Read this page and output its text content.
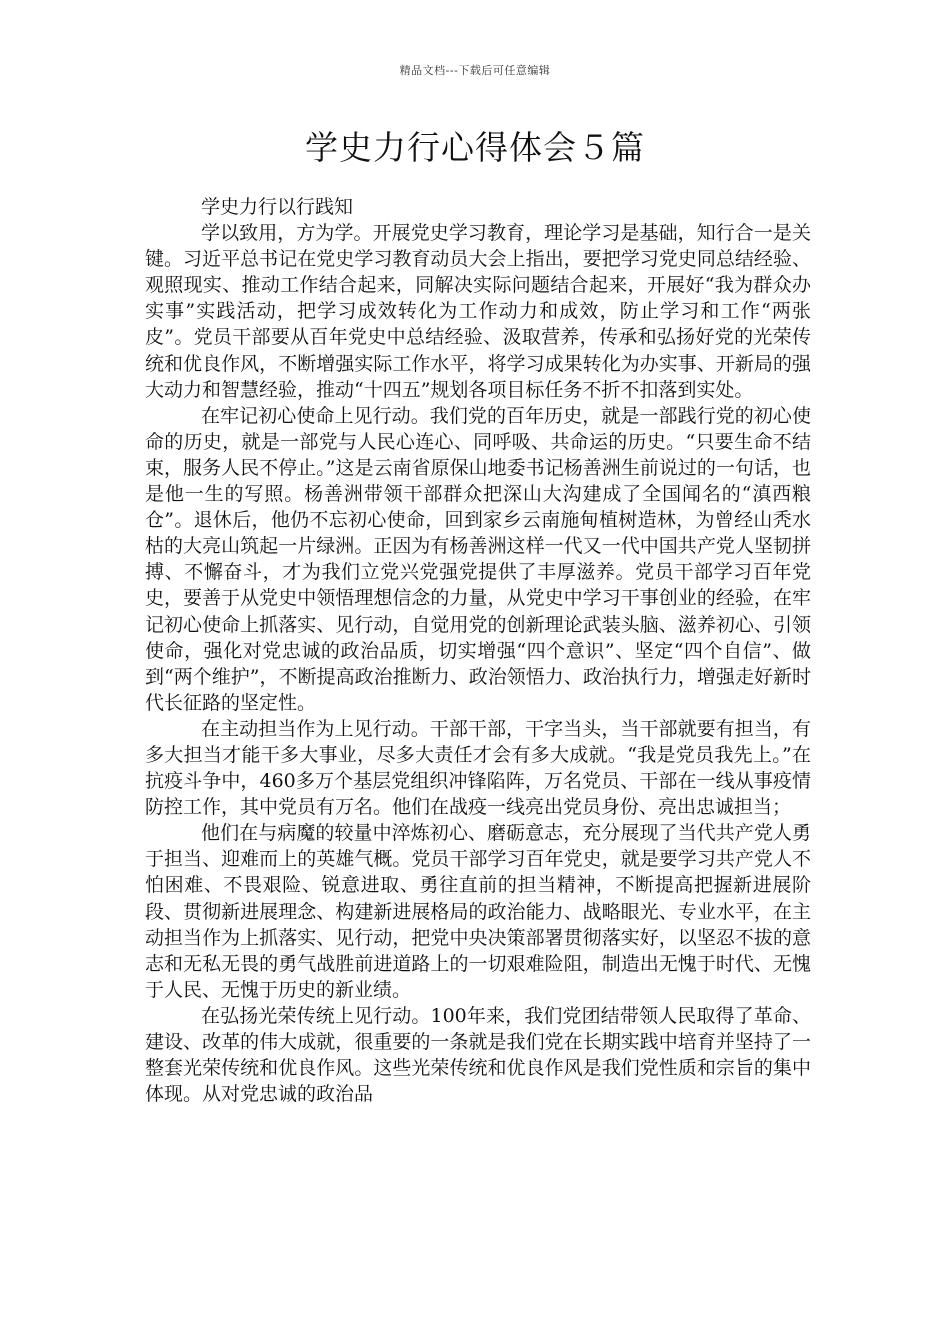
精品文档---下载后可任意编辑
学史力行心得体会５篇

学史力行以行践知

学以致用，方为学。开展党史学习教育，理论学习是基础，知行合一是关键。习近平总书记在党史学习教育动员大会上指出，要把学习党史同总结经验、观照现实、推动工作结合起来，同解决实际问题结合起来，开展好“我为群众办实事”实践活动，把学习成效转化为工作动力和成效，防止学习和工作“两张皮”。党员干部要从百年党史中总结经验、汲取营养，传承和弘扬好党的光荣传统和优良作风，不断增强实际工作水平，将学习成果转化为办实事、开新局的强大动力和智慧经验，推动“十四五”规划各项目标任务不折不扣落到实处。

在牢记初心使命上见行动。我们党的百年历史，就是一部践行党的初心使命的历史，就是一部党与人民心连心、同呼吸、共命运的历史。“只要生命不结束，服务人民不停止。”这是云南省原保山地委书记杨善洲生前说过的一句话，也是他一生的写照。杨善洲带领干部群众把深山大沟建成了全国闻名的“滇西粮仓”。退休后，他仍不忘初心使命，回到家乡云南施甸植树造林，为曾经山秃水枯的大亮山筑起一片绿洲。正因为有杨善洲这样一代又一代中国共产党人坚韧拼搏、不懈奋斗，才为我们立党兴党强党提供了丰厚滋养。党员干部学习百年党史，要善于从党史中领悟理想信念的力量，从党史中学习干事创业的经验，在牢记初心使命上抓落实、见行动，自觉用党的创新理论武装头脑、滋养初心、引领使命，强化对党忠诚的政治品质，切实增强“四个意识”、坚定“四个自信”、做到“两个维护”，不断提高政治推断力、政治领悟力、政治执行力，增强走好新时代长征路的坚定性。

在主动担当作为上见行动。干部干部，干字当头，当干部就要有担当，有多大担当才能干多大事业，尽多大责任才会有多大成就。“我是党员我先上。”在抗疫斗争中，460多万个基层党组织冲锋陷阵，万名党员、干部在一线从事疫情防控工作，其中党员有万名。他们在战疫一线亮出党员身份、亮出忠诚担当；

他们在与病魔的较量中淬炼初心、磨砺意志，充分展现了当代共产党人勇于担当、迎难而上的英雄气概。党员干部学习百年党史，就是要学习共产党人不怕困难、不畏艰险、锐意进取、勇往直前的担当精神，不断提高把握新进展阶段、贯彻新进展理念、构建新进展格局的政治能力、战略眼光、专业水平，在主动担当作为上抓落实、见行动，把党中央决策部署贯彻落实好，以坚忍不拔的意志和无私无畏的勇气战胜前进道路上的一切艰难险阻，制造出无愧于时代、无愧于人民、无愧于历史的新业绩。

在弘扬光荣传统上见行动。100年来，我们党团结带领人民取得了革命、建设、改革的伟大成就，很重要的一条就是我们党在长期实践中培育并坚持了一整套光荣传统和优良作风。这些光荣传统和优良作风是我们党性质和宗旨的集中体现。从对党忠诚的政治品
